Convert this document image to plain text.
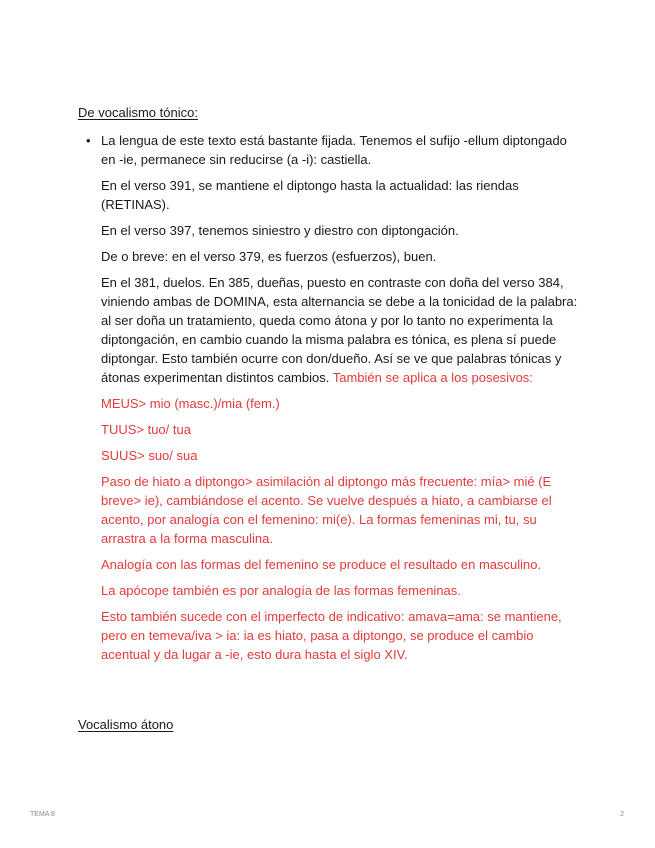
De vocalismo tónico:

• La lengua de este texto está bastante fijada. Tenemos el sufijo -ellum diptongado en -ie, permanece sin reducirse (a -i): castiella.

En el verso 391, se mantiene el diptongo hasta la actualidad: las riendas (RETINAS).

En el verso 397, tenemos siniestro y diestro con diptongación.

De o breve: en el verso 379, es fuerzos (esfuerzos), buen.

En el 381, duelos. En 385, dueñas, puesto en contraste con doña del verso 384, viniendo ambas de DOMINA, esta alternancia se debe a la tonicidad de la palabra: al ser doña un tratamiento, queda como átona y por lo tanto no experimenta la diptongación, en cambio cuando la misma palabra es tónica, es plena sí puede diptongar. Esto también ocurre con don/dueño. Así se ve que palabras tónicas y átonas experimentan distintos cambios. También se aplica a los posesivos:

MEUS> mio (masc.)/mia (fem.)

TUUS> tuo/ tua

SUUS> suo/ sua

Paso de hiato a diptongo> asimilación al diptongo más frecuente: mía> mié (E breve> ie), cambiándose el acento. Se vuelve después a hiato, a cambiarse el acento, por analogía con el femenino: mi(e). La formas femeninas mi, tu, su arrastra a la forma masculina.

Analogía con las formas del femenino se produce el resultado en masculino.

La apócope también es por analogía de las formas femeninas.

Esto también sucede con el imperfecto de indicativo: amava=ama: se mantiene, pero en temeva/iva > ia: ia es hiato, pasa a diptongo, se produce el cambio acentual y da lugar a -ie, esto dura hasta el siglo XIV.

Vocalismo átono
TEMA 8	2
